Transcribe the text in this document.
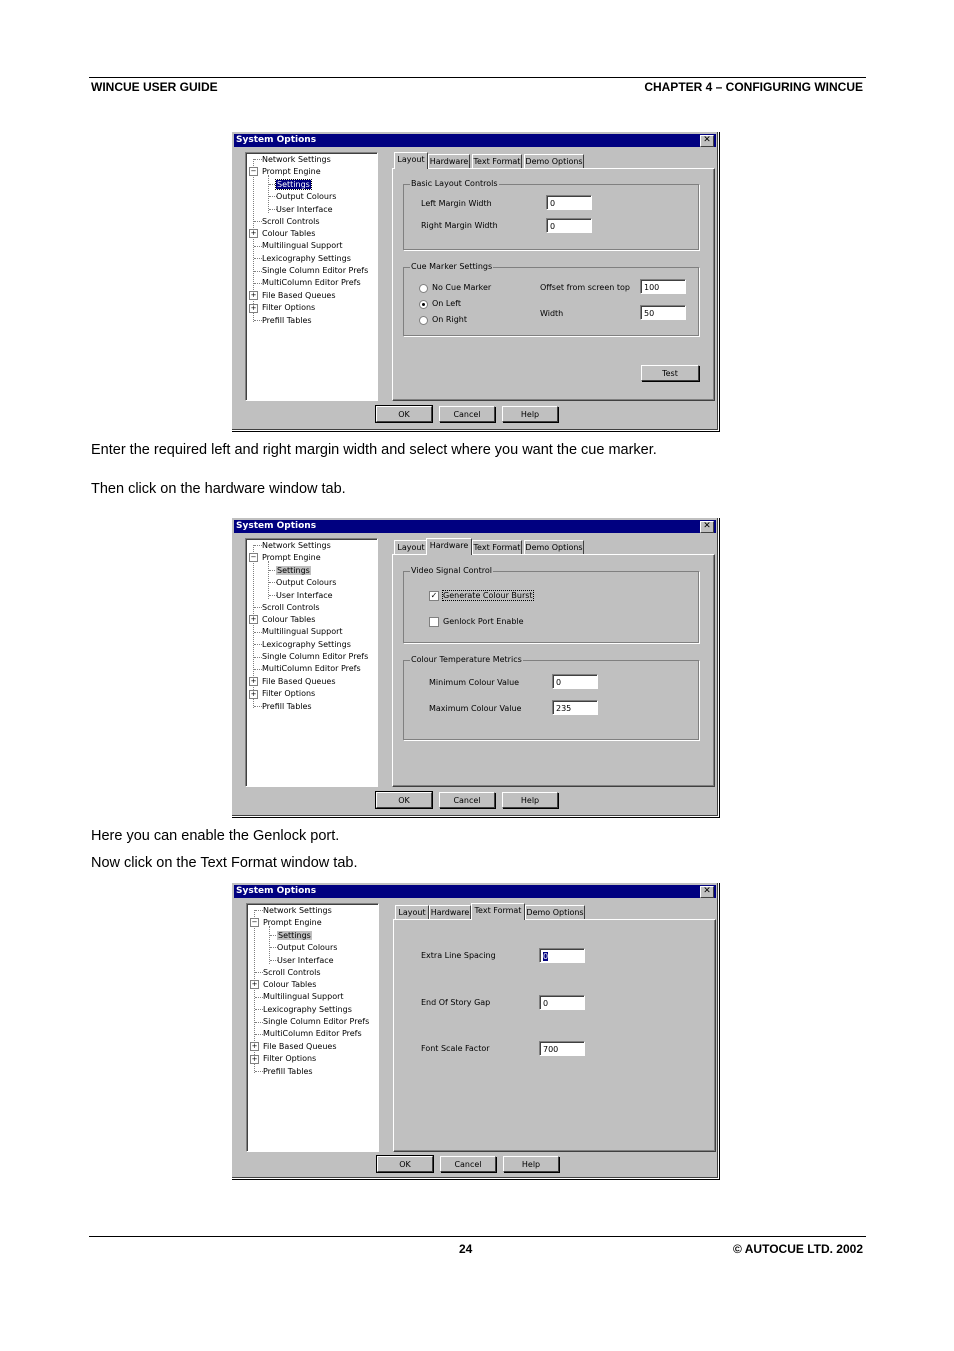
WINCUE USER GUIDE	CHAPTER 4 – CONFIGURING WINCUE
System Options	✕
−
+
+
+
Network Settings
Prompt Engine
Settings
Output Colours
User Interface
Scroll Controls
Colour Tables
Multilingual Support
Lexicography Settings
Single Column Editor Prefs
MultiColumn Editor Prefs
File Based Queues
Filter Options
Prefill Tables
Layout Hardware Text Format Demo Options
Basic Layout Controls
Left Margin Width	0
Right Margin Width	0
Cue Marker Settings
No Cue Marker
On Left
On Right
Offset from screen top	100
Width	50
Test
OK	Cancel	Help
Enter the required left and right margin width and select where you want the cue marker.
Then click on the hardware window tab.
System Options	✕
−
+
+
+
Network Settings
Prompt Engine
Settings
Output Colours
User Interface
Scroll Controls
Colour Tables
Multilingual Support
Lexicography Settings
Single Column Editor Prefs
MultiColumn Editor Prefs
File Based Queues
Filter Options
Prefill Tables
Layout Hardware Text Format Demo Options
Video Signal Control
✓ Generate Colour Burst
Genlock Port Enable
Colour Temperature Metrics
Minimum Colour Value	0
Maximum Colour Value	235
OK	Cancel	Help
Here you can enable the Genlock port.
Now click on the Text Format window tab.
System Options	✕
−
+
+
+
Network Settings
Prompt Engine
Settings
Output Colours
User Interface
Scroll Controls
Colour Tables
Multilingual Support
Lexicography Settings
Single Column Editor Prefs
MultiColumn Editor Prefs
File Based Queues
Filter Options
Prefill Tables
Layout Hardware Text Format Demo Options
Extra Line Spacing	0
End Of Story Gap	0
Font Scale Factor	700
OK	Cancel	Help
24	© AUTOCUE LTD. 2002
